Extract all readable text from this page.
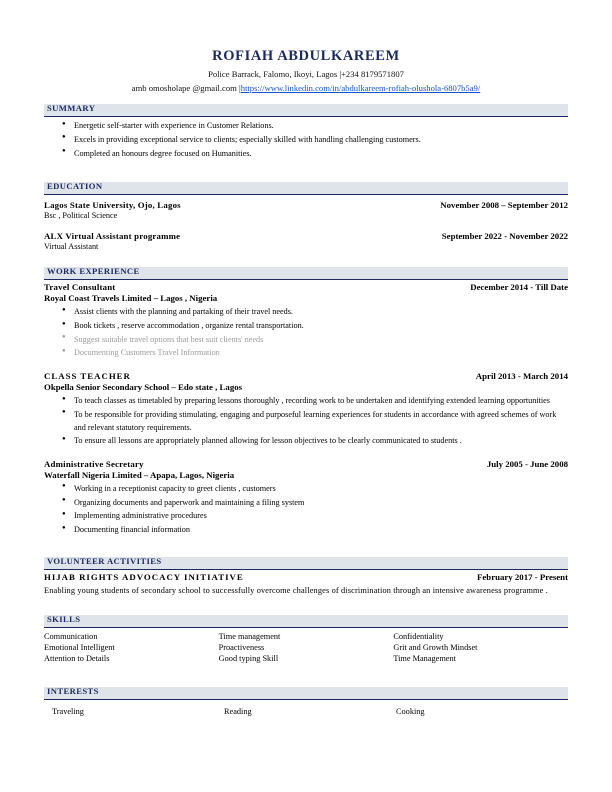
ROFIAH ABDULKAREEM
Police Barrack, Falomo, Ikoyi, Lagos |+234 8179571807
amb omosholape @gmail.com |https://www.linkedin.com/in/abdulkareem-rofiah-olushola-6807b5a9/
SUMMARY
● Energetic self-starter with experience in Customer Relations.
● Excels in providing exceptional service to clients; especially skilled with handling challenging customers.
● Completed an honours degree focused on Humanities.
EDUCATION
Lagos State University, Ojo, Lagos	November 2008 – September 2012
Bsc , Political Science
ALX Virtual Assistant programme	September 2022 - November 2022
Virtual Assistant
WORK EXPERIENCE
Travel Consultant	December 2014 - Till Date
Royal Coast Travels Limited – Lagos , Nigeria
● Assist clients with the planning and partaking of their travel needs.
● Book tickets , reserve accommodation , organize rental transportation.
● Suggest suitable travel options that best suit clients' needs
● Documenting Customers Travel Information
CLASS TEACHER	April 2013 - March 2014
Okpella Senior Secondary School – Edo state , Lagos
● To teach classes as timetabled by preparing lessons thoroughly , recording work to be undertaken and identifying extended learning opportunities
● To be responsible for providing stimulating, engaging and purposeful learning experiences for students in accordance with agreed schemes of work and relevant statutory requirements.
● To ensure all lessons are appropriately planned allowing for lesson objectives to be clearly communicated to students .
Administrative Secretary	July 2005 - June 2008
Waterfall Nigeria Limited – Apapa, Lagos, Nigeria
● Working in a receptionist capacity to greet clients , customers
● Organizing documents and paperwork and maintaining a filing system
● Implementing administrative procedures
● Documenting financial information
VOLUNTEER ACTIVITIES
HIJAB RIGHTS ADVOCACY INITIATIVE	February 2017 - Present
Enabling young students of secondary school to successfully overcome challenges of discrimination through an intensive awareness programme .
SKILLS
Communication	Time management	Confidentiality
Emotional Intelligent	Proactiveness	Grit and Growth Mindset
Attention to Details	Good typing Skill	Time Management
INTERESTS
Traveling	Reading	Cooking
